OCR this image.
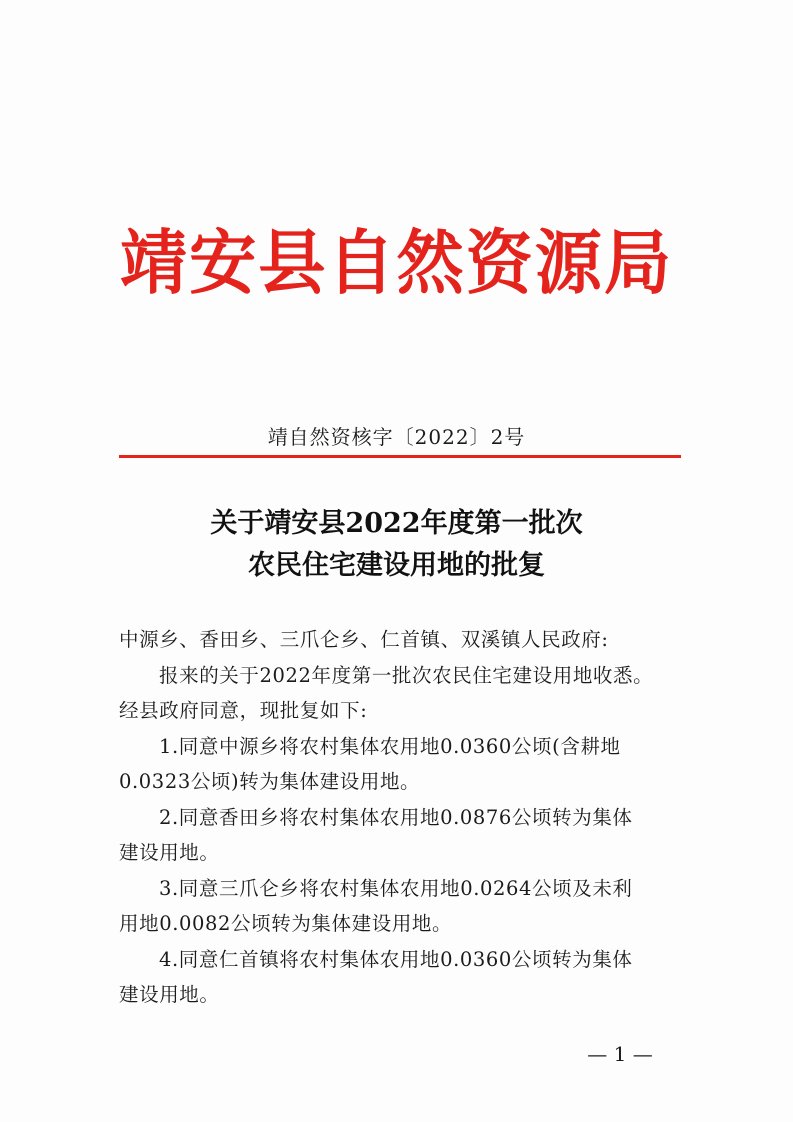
靖安县自然资源局
靖自然资核字〔2022〕2号
关于靖安县2022年度第一批次
农民住宅建设用地的批复

中源乡、香田乡、三爪仑乡、仁首镇、双溪镇人民政府:

报来的关于2022年度第一批次农民住宅建设用地收悉。

经县政府同意，现批复如下:

1.同意中源乡将农村集体农用地0.0360公顷(含耕地

0.0323公顷)转为集体建设用地。

2.同意香田乡将农村集体农用地0.0876公顷转为集体

建设用地。

3.同意三爪仑乡将农村集体农用地0.0264公顷及未利

用地0.0082公顷转为集体建设用地。

4.同意仁首镇将农村集体农用地0.0360公顷转为集体

建设用地。

— 1 —
